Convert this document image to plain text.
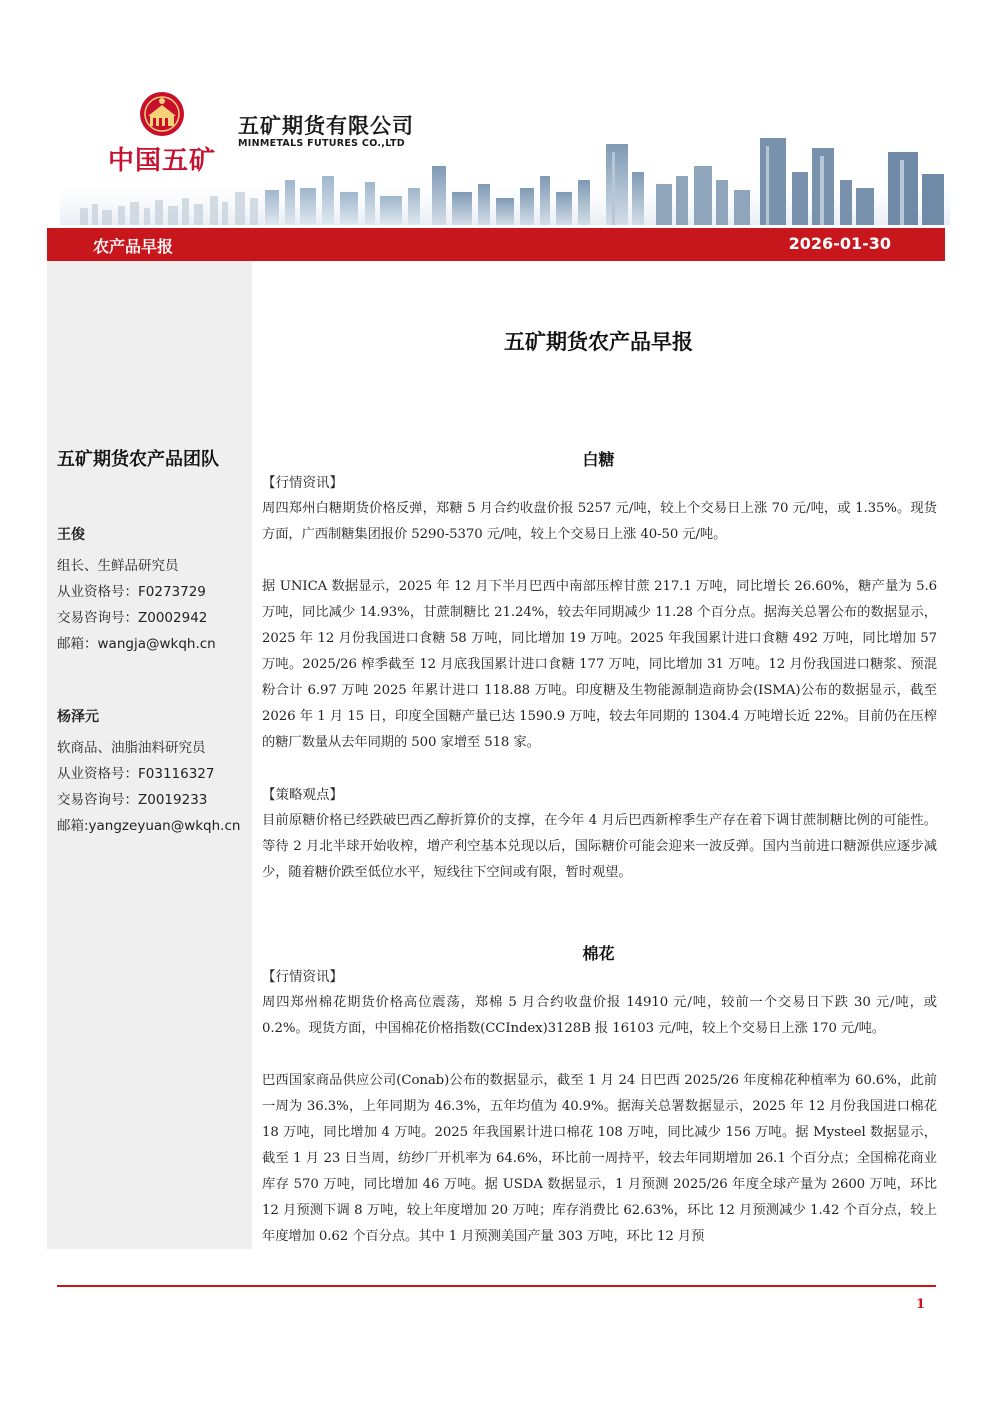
中国五矿
五矿期货有限公司
MINMETALS FUTURES CO.,LTD
农产品早报	2026-01-30
五矿期货农产品团队
王俊
组长、生鲜品研究员
从业资格号：F0273729
交易咨询号：Z0002942
邮箱：wangja@wkqh.cn
杨泽元
软商品、油脂油料研究员
从业资格号：F03116327
交易咨询号：Z0019233
邮箱:yangzeyuan@wkqh.cn
五矿期货农产品早报
白糖
【行情资讯】
周四郑州白糖期货价格反弹，郑糖 5 月合约收盘价报 5257 元/吨，较上个交易日上涨 70 元/吨，或 1.35%。现货方面，广西制糖集团报价 5290-5370 元/吨，较上个交易日上涨 40-50 元/吨。
据 UNICA 数据显示，2025 年 12 月下半月巴西中南部压榨甘蔗 217.1 万吨，同比增长 26.60%，糖产量为 5.6 万吨，同比减少 14.93%，甘蔗制糖比 21.24%，较去年同期减少 11.28 个百分点。据海关总署公布的数据显示，2025 年 12 月份我国进口食糖 58 万吨，同比增加 19 万吨。2025 年我国累计进口食糖 492 万吨，同比增加 57 万吨。2025/26 榨季截至 12 月底我国累计进口食糖 177 万吨，同比增加 31 万吨。12 月份我国进口糖浆、预混粉合计 6.97 万吨 2025 年累计进口 118.88 万吨。印度糖及生物能源制造商协会(ISMA)公布的数据显示，截至 2026 年 1 月 15 日，印度全国糖产量已达 1590.9 万吨，较去年同期的 1304.4 万吨增长近 22%。目前仍在压榨的糖厂数量从去年同期的 500 家增至 518 家。
【策略观点】
目前原糖价格已经跌破巴西乙醇折算价的支撑，在今年 4 月后巴西新榨季生产存在着下调甘蔗制糖比例的可能性。等待 2 月北半球开始收榨，增产利空基本兑现以后，国际糖价可能会迎来一波反弹。国内当前进口糖源供应逐步减少，随着糖价跌至低位水平，短线往下空间或有限，暂时观望。
棉花
【行情资讯】
周四郑州棉花期货价格高位震荡，郑棉 5 月合约收盘价报 14910 元/吨，较前一个交易日下跌 30 元/吨，或 0.2%。现货方面，中国棉花价格指数(CCIndex)3128B 报 16103 元/吨，较上个交易日上涨 170 元/吨。
巴西国家商品供应公司(Conab)公布的数据显示，截至 1 月 24 日巴西 2025/26 年度棉花种植率为 60.6%，此前一周为 36.3%，上年同期为 46.3%，五年均值为 40.9%。据海关总署数据显示，2025 年 12 月份我国进口棉花 18 万吨，同比增加 4 万吨。2025 年我国累计进口棉花 108 万吨，同比减少 156 万吨。据 Mysteel 数据显示，截至 1 月 23 日当周，纺纱厂开机率为 64.6%，环比前一周持平，较去年同期增加 26.1 个百分点；全国棉花商业库存 570 万吨，同比增加 46 万吨。据 USDA 数据显示，1 月预测 2025/26 年度全球产量为 2600 万吨，环比 12 月预测下调 8 万吨，较上年度增加 20 万吨；库存消费比 62.63%，环比 12 月预测减少 1.42 个百分点，较上年度增加 0.62 个百分点。其中 1 月预测美国产量 303 万吨，环比 12 月预
1
